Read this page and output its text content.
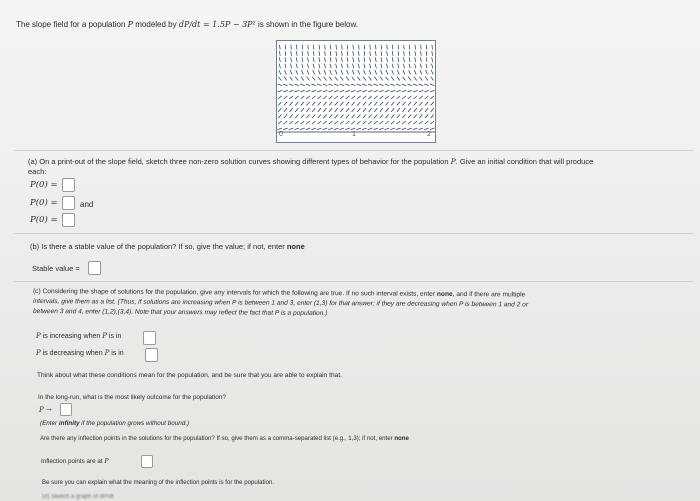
The slope field for a population P modeled by dP/dt = 1.5P − 3P² is shown in the figure below.
0	1	2
(a) On a print-out of the slope field, sketch three non-zero solution curves showing different types of behavior for the population P. Give an initial condition that will produce
each:
P(0) =
P(0) =	and
P(0) =
(b) Is there a stable value of the population? If so, give the value; if not, enter none
Stable value =
(c) Considering the shape of solutions for the population, give any intervals for which the following are true. If no such interval exists, enter none, and if there are multiple
intervals, give them as a list. (Thus, if solutions are increasing when P is between 1 and 3, enter (1,3) for that answer; if they are decreasing when P is between 1 and 2 or
between 3 and 4, enter (1,2),(3,4). Note that your answers may reflect the fact that P is a population.)
P is increasing when P is in
P is decreasing when P is in
Think about what these conditions mean for the population, and be sure that you are able to explain that.
In the long-run, what is the most likely outcome for the population?
P →
(Enter infinity if the population grows without bound.)
Are there any inflection points in the solutions for the population? If so, give them as a comma-separated list (e.g., 1,3); if not, enter none
Inflection points are at P
Be sure you can explain what the meaning of the inflection points is for the population.
(d) Sketch a graph of dP/dt
